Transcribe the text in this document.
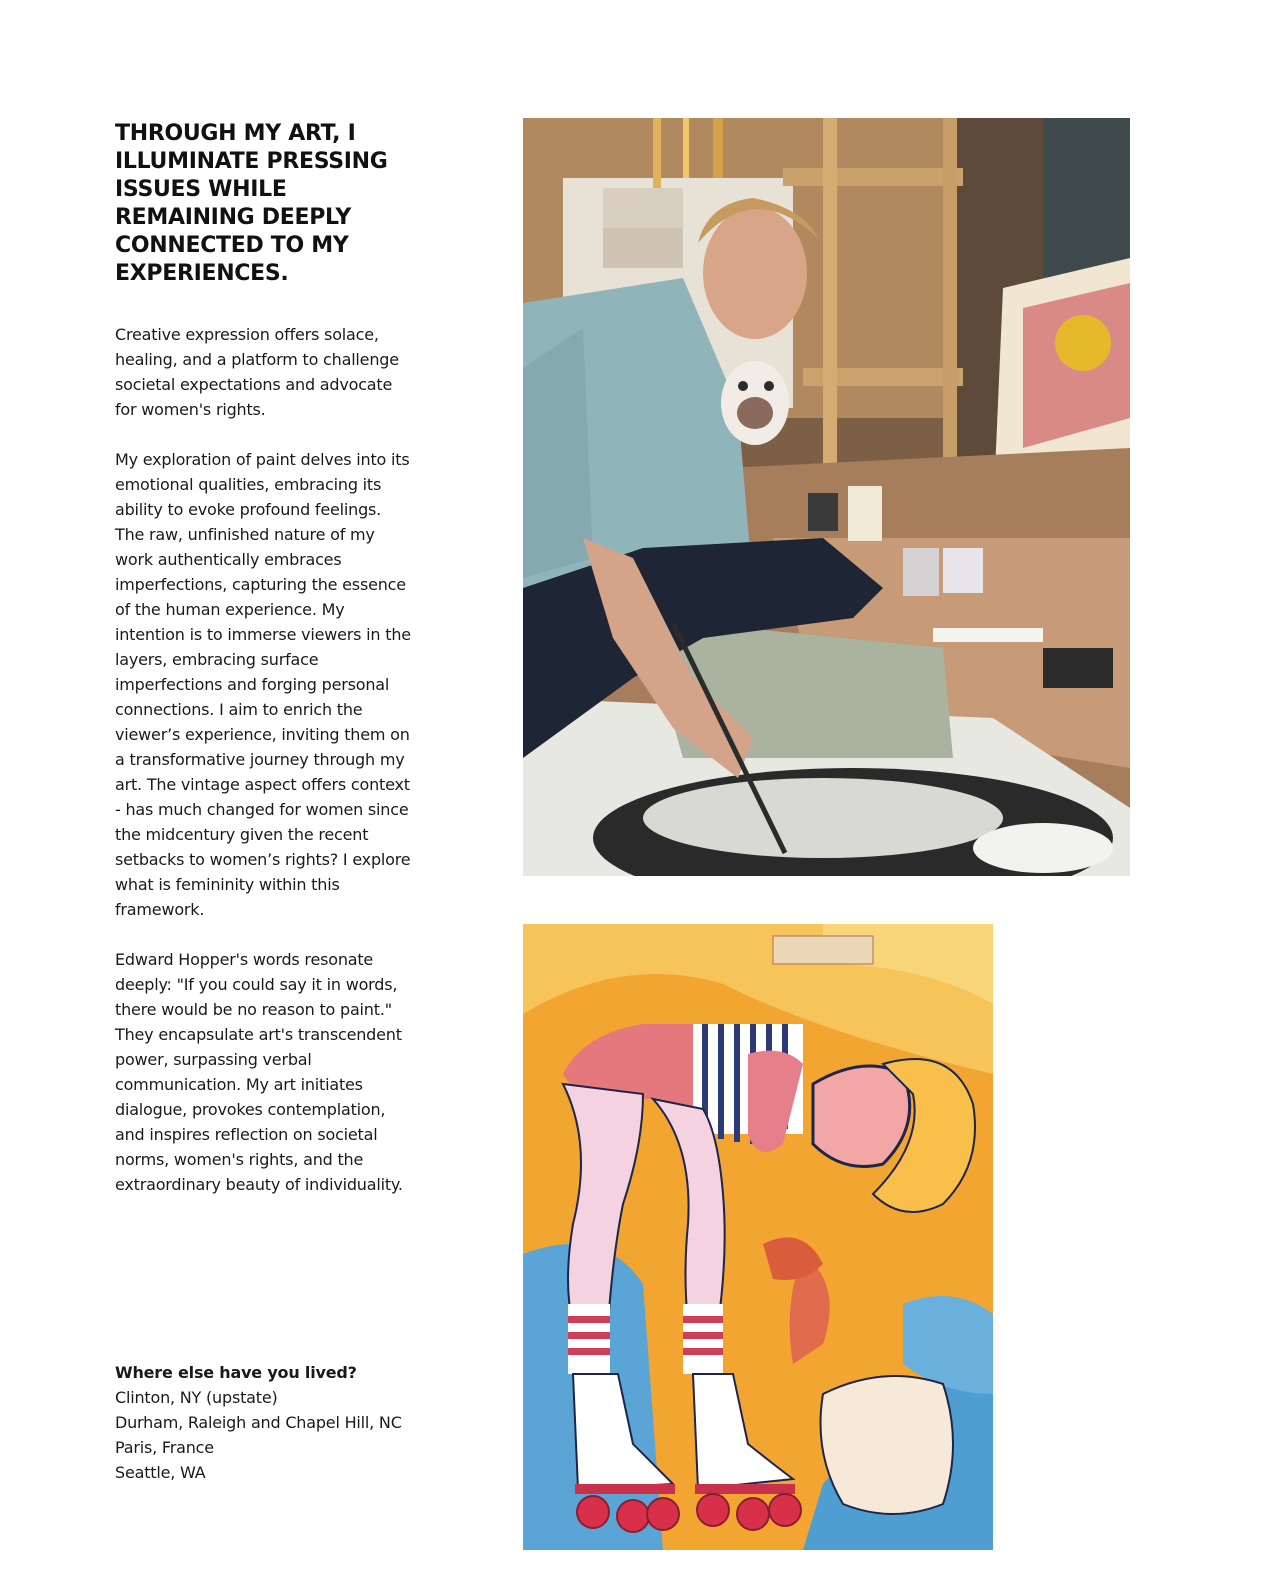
THROUGH MY ART, I ILLUMINATE PRESSING ISSUES WHILE REMAINING DEEPLY CONNECTED TO MY EXPERIENCES.

Creative expression offers solace, healing, and a platform to challenge societal expectations and advocate for women's rights.

My exploration of paint delves into its emotional qualities, embracing its ability to evoke profound feelings. The raw, unfinished nature of my work authentically embraces imperfections, capturing the essence of the human experience. My intention is to immerse viewers in the layers, embracing surface imperfections and forging personal connections. I aim to enrich the viewer’s experience, inviting them on a transformative journey through my art. The vintage aspect offers context - has much changed for women since the midcentury given the recent setbacks to women’s rights? I explore what is femininity within this framework.

Edward Hopper's words resonate deeply: "If you could say it in words, there would be no reason to paint." They encapsulate art's transcendent power, surpassing verbal communication. My art initiates dialogue, provokes contemplation, and inspires reflection on societal norms, women's rights, and the extraordinary beauty of individuality.

Where else have you lived?

Clinton, NY (upstate)
Durham, Raleigh and Chapel Hill, NC
Paris, France
Seattle, WA
